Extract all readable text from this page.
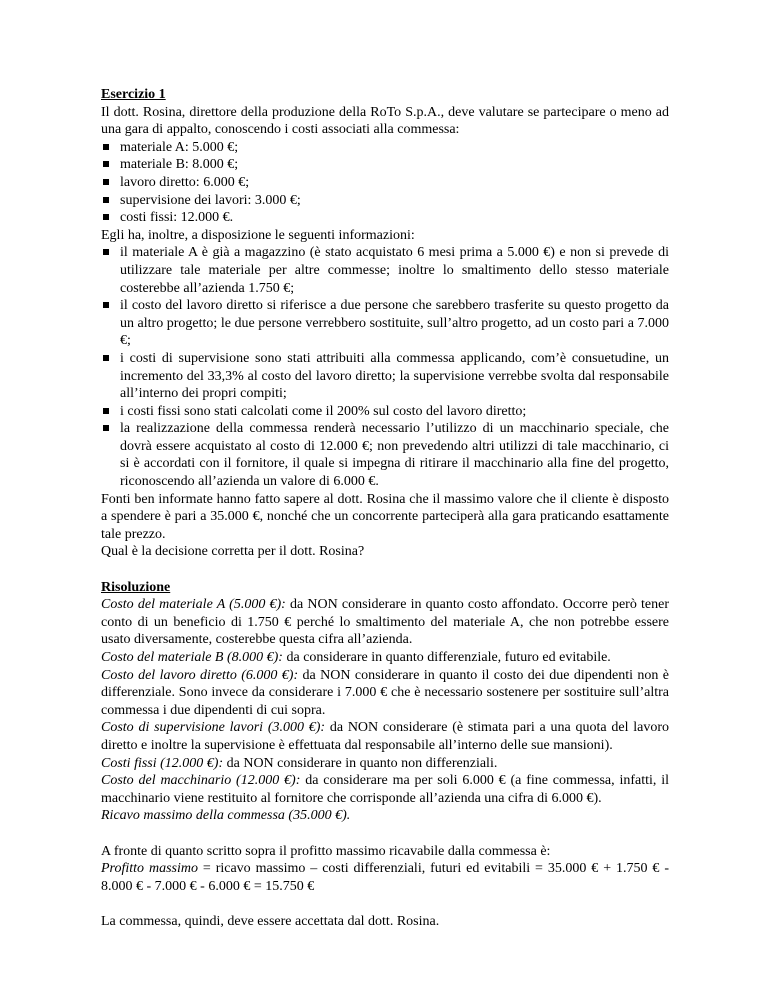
Esercizio 1

Il dott. Rosina, direttore della produzione della RoTo S.p.A., deve valutare se partecipare o meno ad

una gara di appalto, conoscendo i costi associati alla commessa:

materiale A: 5.000 €;
materiale B: 8.000 €;
lavoro diretto: 6.000 €;
supervisione dei lavori: 3.000 €;
costi fissi: 12.000 €.

Egli ha, inoltre, a disposizione le seguenti informazioni:

il materiale A è già a magazzino (è stato acquistato 6 mesi prima a 5.000 €) e non si prevede di utilizzare tale materiale per altre commesse; inoltre lo smaltimento dello stesso materiale costerebbe all’azienda 1.750 €;
il costo del lavoro diretto si riferisce a due persone che sarebbero trasferite su questo progetto da un altro progetto; le due persone verrebbero sostituite, sull’altro progetto, ad un costo pari a 7.000 €;
i costi di supervisione sono stati attribuiti alla commessa applicando, com’è consuetudine, un incremento del 33,3% al costo del lavoro diretto; la supervisione verrebbe svolta dal responsabile all’interno dei propri compiti;
i costi fissi sono stati calcolati come il 200% sul costo del lavoro diretto;
la realizzazione della commessa renderà necessario l’utilizzo di un macchinario speciale, che dovrà essere acquistato al costo di 12.000 €; non prevedendo altri utilizzi di tale macchinario, ci si è accordati con il fornitore, il quale si impegna di ritirare il macchinario alla fine del progetto, riconoscendo all’azienda un valore di 6.000 €.

Fonti ben informate hanno fatto sapere al dott. Rosina che il massimo valore che il cliente è disposto a spendere è pari a 35.000 €, nonché che un concorrente parteciperà alla gara praticando esattamente tale prezzo.

Qual è la decisione corretta per il dott. Rosina?

Risoluzione

Costo del materiale A (5.000 €): da NON considerare in quanto costo affondato. Occorre però tener conto di un beneficio di 1.750 € perché lo smaltimento del materiale A, che non potrebbe essere usato diversamente, costerebbe questa cifra all’azienda.

Costo del materiale B (8.000 €): da considerare in quanto differenziale, futuro ed evitabile.

Costo del lavoro diretto (6.000 €): da NON considerare in quanto il costo dei due dipendenti non è differenziale. Sono invece da considerare i 7.000 € che è necessario sostenere per sostituire sull’altra commessa i due dipendenti di cui sopra.

Costo di supervisione lavori (3.000 €): da NON considerare (è stimata pari a una quota del lavoro diretto e inoltre la supervisione è effettuata dal responsabile all’interno delle sue mansioni).

Costi fissi (12.000 €): da NON considerare in quanto non differenziali.

Costo del macchinario (12.000 €): da considerare ma per soli 6.000 € (a fine commessa, infatti, il macchinario viene restituito al fornitore che corrisponde all’azienda una cifra di 6.000 €).

Ricavo massimo della commessa (35.000 €).

A fronte di quanto scritto sopra il profitto massimo ricavabile dalla commessa è:

Profitto massimo = ricavo massimo – costi differenziali, futuri ed evitabili = 35.000 € + 1.750 € - 8.000 € - 7.000 € - 6.000 € = 15.750 €

La commessa, quindi, deve essere accettata dal dott. Rosina.
